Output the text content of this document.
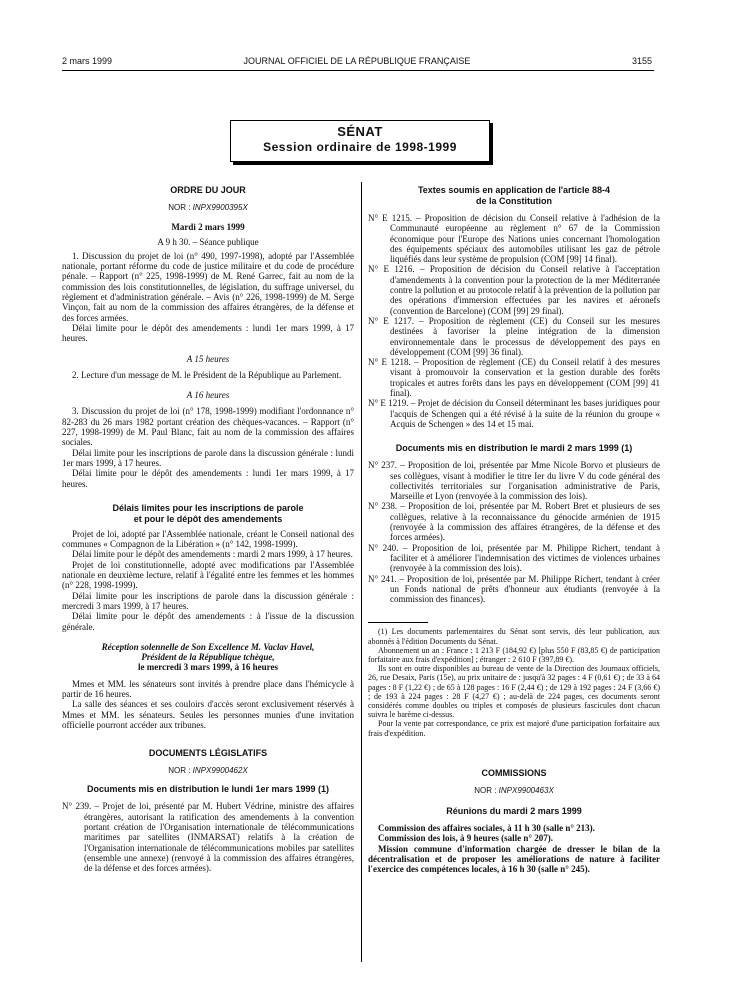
2 mars 1999	JOURNAL OFFICIEL DE LA RÉPUBLIQUE FRANÇAISE	3155
SÉNAT
Session ordinaire de 1998-1999
ORDRE DU JOUR
NOR : INPX9900395X
Mardi 2 mars 1999
A 9 h 30. – Séance publique

1. Discussion du projet de loi (n° 490, 1997-1998), adopté par l'Assemblée nationale, portant réforme du code de justice militaire et du code de procédure pénale. – Rapport (n° 225, 1998-1999) de M. René Garrec, fait au nom de la commission des lois constitutionnelles, de législation, du suffrage universel, du règlement et d'administration générale. – Avis (n° 226, 1998-1999) de M. Serge Vinçon, fait au nom de la commission des affaires étrangères, de la défense et des forces armées.

Délai limite pour le dépôt des amendements : lundi 1er mars 1999, à 17 heures.

A 15 heures

2. Lecture d'un message de M. le Président de la République au Parlement.

A 16 heures

3. Discussion du projet de loi (n° 178, 1998-1999) modifiant l'ordonnance n° 82-283 du 26 mars 1982 portant création des chèques-vacances. – Rapport (n° 227, 1998-1999) de M. Paul Blanc, fait au nom de la commission des affaires sociales.

Délai limite pour les inscriptions de parole dans la discussion générale : lundi 1er mars 1999, à 17 heures.

Délai limite pour le dépôt des amendements : lundi 1er mars 1999, à 17 heures.

Délais limites pour les inscriptions de parole
et pour le dépôt des amendements

Projet de loi, adopté par l'Assemblée nationale, créant le Conseil national des communes « Compagnon de la Libération » (n° 142, 1998-1999).

Délai limite pour le dépôt des amendements : mardi 2 mars 1999, à 17 heures.

Projet de loi constitutionnelle, adopté avec modifications par l'Assemblée nationale en deuxième lecture, relatif à l'égalité entre les femmes et les hommes (n° 228, 1998-1999).

Délai limite pour les inscriptions de parole dans la discussion générale : mercredi 3 mars 1999, à 17 heures.

Délai limite pour le dépôt des amendements : à l'issue de la discussion générale.

Réception solennelle de Son Excellence M. Vaclav Havel,
Président de la République tchèque,
le mercredi 3 mars 1999, à 16 heures

Mmes et MM. les sénateurs sont invités à prendre place dans l'hémicycle à partir de 16 heures.

La salle des séances et ses couloirs d'accès seront exclusivement réservés à Mmes et MM. les sénateurs. Seules les personnes munies d'une invitation officielle pourront accéder aux tribunes.

DOCUMENTS LÉGISLATIFS
NOR : INPX9900462X
Documents mis en distribution le lundi 1er mars 1999 (1)

N° 239. – Projet de loi, présenté par M. Hubert Védrine, ministre des affaires étrangères, autorisant la ratification des amendements à la convention portant création de l'Organisation internationale de télécommunications maritimes par satellites (INMARSAT) relatifs à la création de l'Organisation internationale de télécommunications mobiles par satellites (ensemble une annexe) (renvoyé à la commission des affaires étrangères, de la défense et des forces armées).

Textes soumis en application de l'article 88-4
de la Constitution

N° E 1215. – Proposition de décision du Conseil relative à l'adhésion de la Communauté européenne au règlement n° 67 de la Commission économique pour l'Europe des Nations unies concernant l'homologation des équipements spéciaux des automobiles utilisant les gaz de pétrole liquéfiés dans leur système de propulsion (COM [99] 14 final).

N° E 1216. – Proposition de décision du Conseil relative à l'acceptation d'amendements à la convention pour la protection de la mer Méditerranée contre la pollution et au protocole relatif à la prévention de la pollution par des opérations d'immersion effectuées par les navires et aéronefs (convention de Barcelone) (COM [99] 29 final).

N° E 1217. – Proposition de règlement (CE) du Conseil sur les mesures destinées à favoriser la pleine intégration de la dimension environnementale dans le processus de développement des pays en développement (COM [99] 36 final).

N° E 1218. – Proposition de règlement (CE) du Conseil relatif à des mesures visant à promouvoir la conservation et la gestion durable des forêts tropicales et autres forêts dans les pays en développement (COM [99] 41 final).

N° E 1219. – Projet de décision du Conseil déterminant les bases juridiques pour l'acquis de Schengen qui a été révisé à la suite de la réunion du groupe « Acquis de Schengen » des 14 et 15 mai.

Documents mis en distribution le mardi 2 mars 1999 (1)

N° 237. – Proposition de loi, présentée par Mme Nicole Borvo et plusieurs de ses collègues, visant à modifier le titre Ier du livre V du code général des collectivités territoriales sur l'organisation administrative de Paris, Marseille et Lyon (renvoyée à la commission des lois).

N° 238. – Proposition de loi, présentée par M. Robert Bret et plusieurs de ses collègues, relative à la reconnaissance du génocide arménien de 1915 (renvoyée à la commission des affaires étrangères, de la défense et des forces armées).

N° 240. – Proposition de loi, présentée par M. Philippe Richert, tendant à faciliter et à améliorer l'indemnisation des victimes de violences urbaines (renvoyée à la commission des lois).

N° 241. – Proposition de loi, présentée par M. Philippe Richert, tendant à créer un Fonds national de prêts d'honneur aux étudiants (renvoyée à la commission des finances).

(1) Les documents parlementaires du Sénat sont servis, dès leur publication, aux abonnés à l'édition Documents du Sénat.

Abonnement un an : France : 1 213 F (184,92 €) [plus 550 F (83,85 €) de participation forfaitaire aux frais d'expédition] ; étranger : 2 610 F (397,89 €).

Ils sont en outre disponibles au bureau de vente de la Direction des Journaux officiels, 26, rue Desaix, Paris (15e), au prix unitaire de : jusqu'à 32 pages : 4 F (0,61 €) ; de 33 à 64 pages : 8 F (1,22 €) ; de 65 à 128 pages : 16 F (2,44 €) ; de 129 à 192 pages : 24 F (3,66 €) ; de 193 à 224 pages : 28 F (4,27 €) ; au-delà de 224 pages, ces documents seront considérés comme doubles ou triples et composés de plusieurs fascicules dont chacun suivra le barème ci-dessus.

Pour la vente par correspondance, ce prix est majoré d'une participation forfaitaire aux frais d'expédition.

COMMISSIONS
NOR : INPX9900463X
Réunions du mardi 2 mars 1999

Commission des affaires sociales, à 11 h 30 (salle n° 213).

Commission des lois, à 9 heures (salle n° 207).

Mission commune d'information chargée de dresser le bilan de la décentralisation et de proposer les améliorations de nature à faciliter l'exercice des compétences locales, à 16 h 30 (salle n° 245).
